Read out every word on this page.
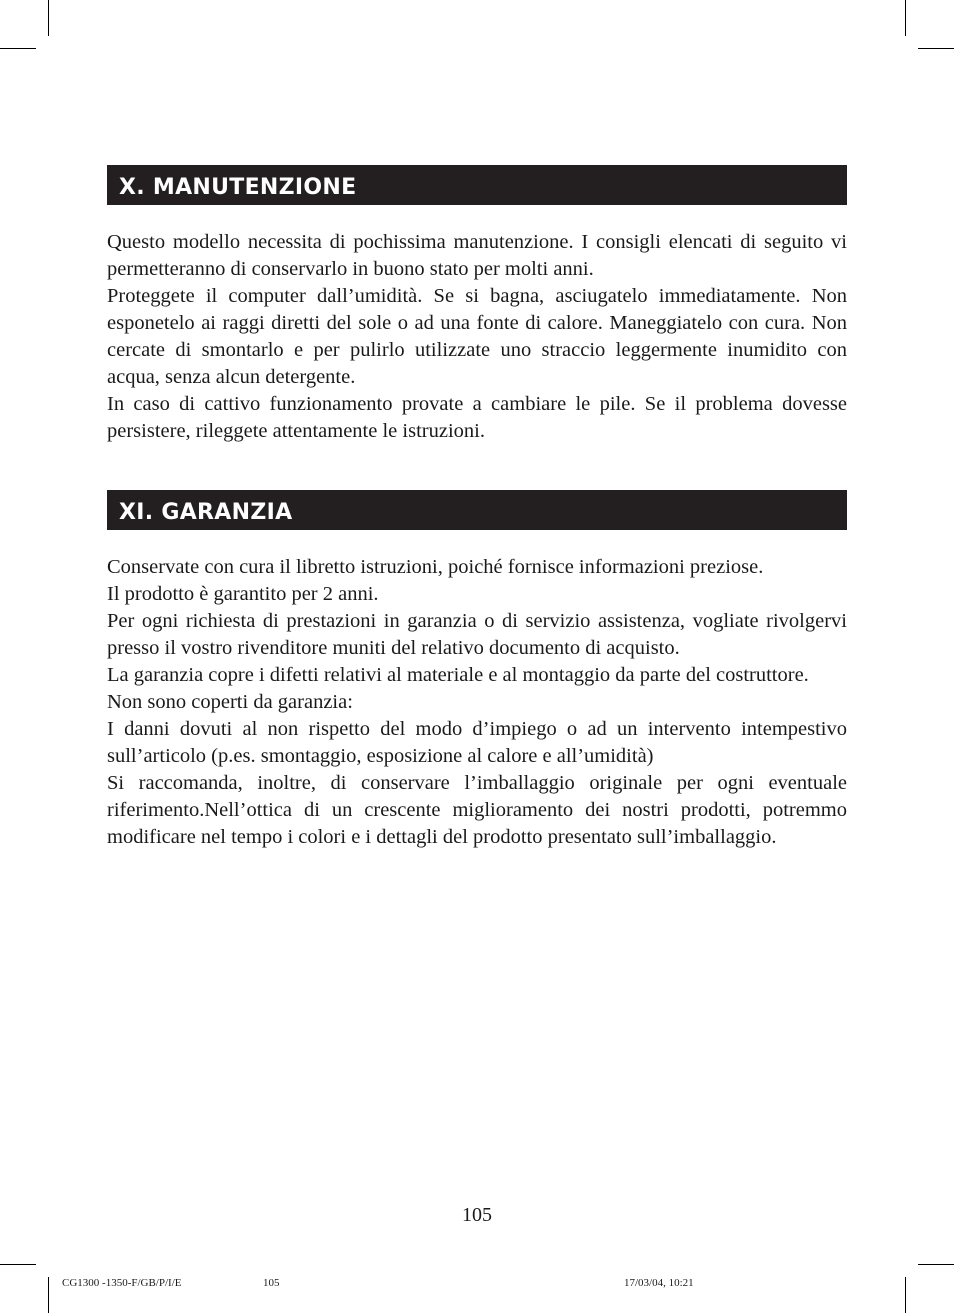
X. MANUTENZIONE

Questo modello necessita di pochissima manutenzione. I consigli elencati di seguito vi permetteranno di conservarlo in buono stato per molti anni.

Proteggete il computer dall’umidità. Se si bagna, asciugatelo immediatamente. Non esponetelo ai raggi diretti del sole o ad una fonte di calore. Maneggiatelo con cura. Non cercate di smontarlo e per pulirlo utilizzate uno straccio leggermente inumidito con acqua, senza alcun detergente.

In caso di cattivo funzionamento provate a cambiare le pile. Se il problema dovesse persistere, rileggete attentamente le istruzioni.

XI. GARANZIA

Conservate con cura il libretto istruzioni, poiché fornisce informazioni preziose.

Il prodotto è garantito per 2 anni.

Per ogni richiesta di prestazioni in garanzia o di servizio assistenza, vogliate rivolgervi presso il vostro rivenditore muniti del relativo documento di acquisto.

La garanzia copre i difetti relativi al materiale e al montaggio da parte del costruttore.

Non sono coperti da garanzia:

I danni dovuti al non rispetto del modo d’impiego o ad un intervento intempestivo sull’articolo (p.es. smontaggio, esposizione al calore e all’umidità)

Si raccomanda, inoltre, di conservare l’imballaggio originale per ogni eventuale riferimento.Nell’ottica di un crescente miglioramento dei nostri prodotti, potremmo modificare nel tempo i colori e i dettagli del prodotto presentato sull’imballaggio.

105
CG1300 -1350-F/GB/P/I/E	105	17/03/04, 10:21
